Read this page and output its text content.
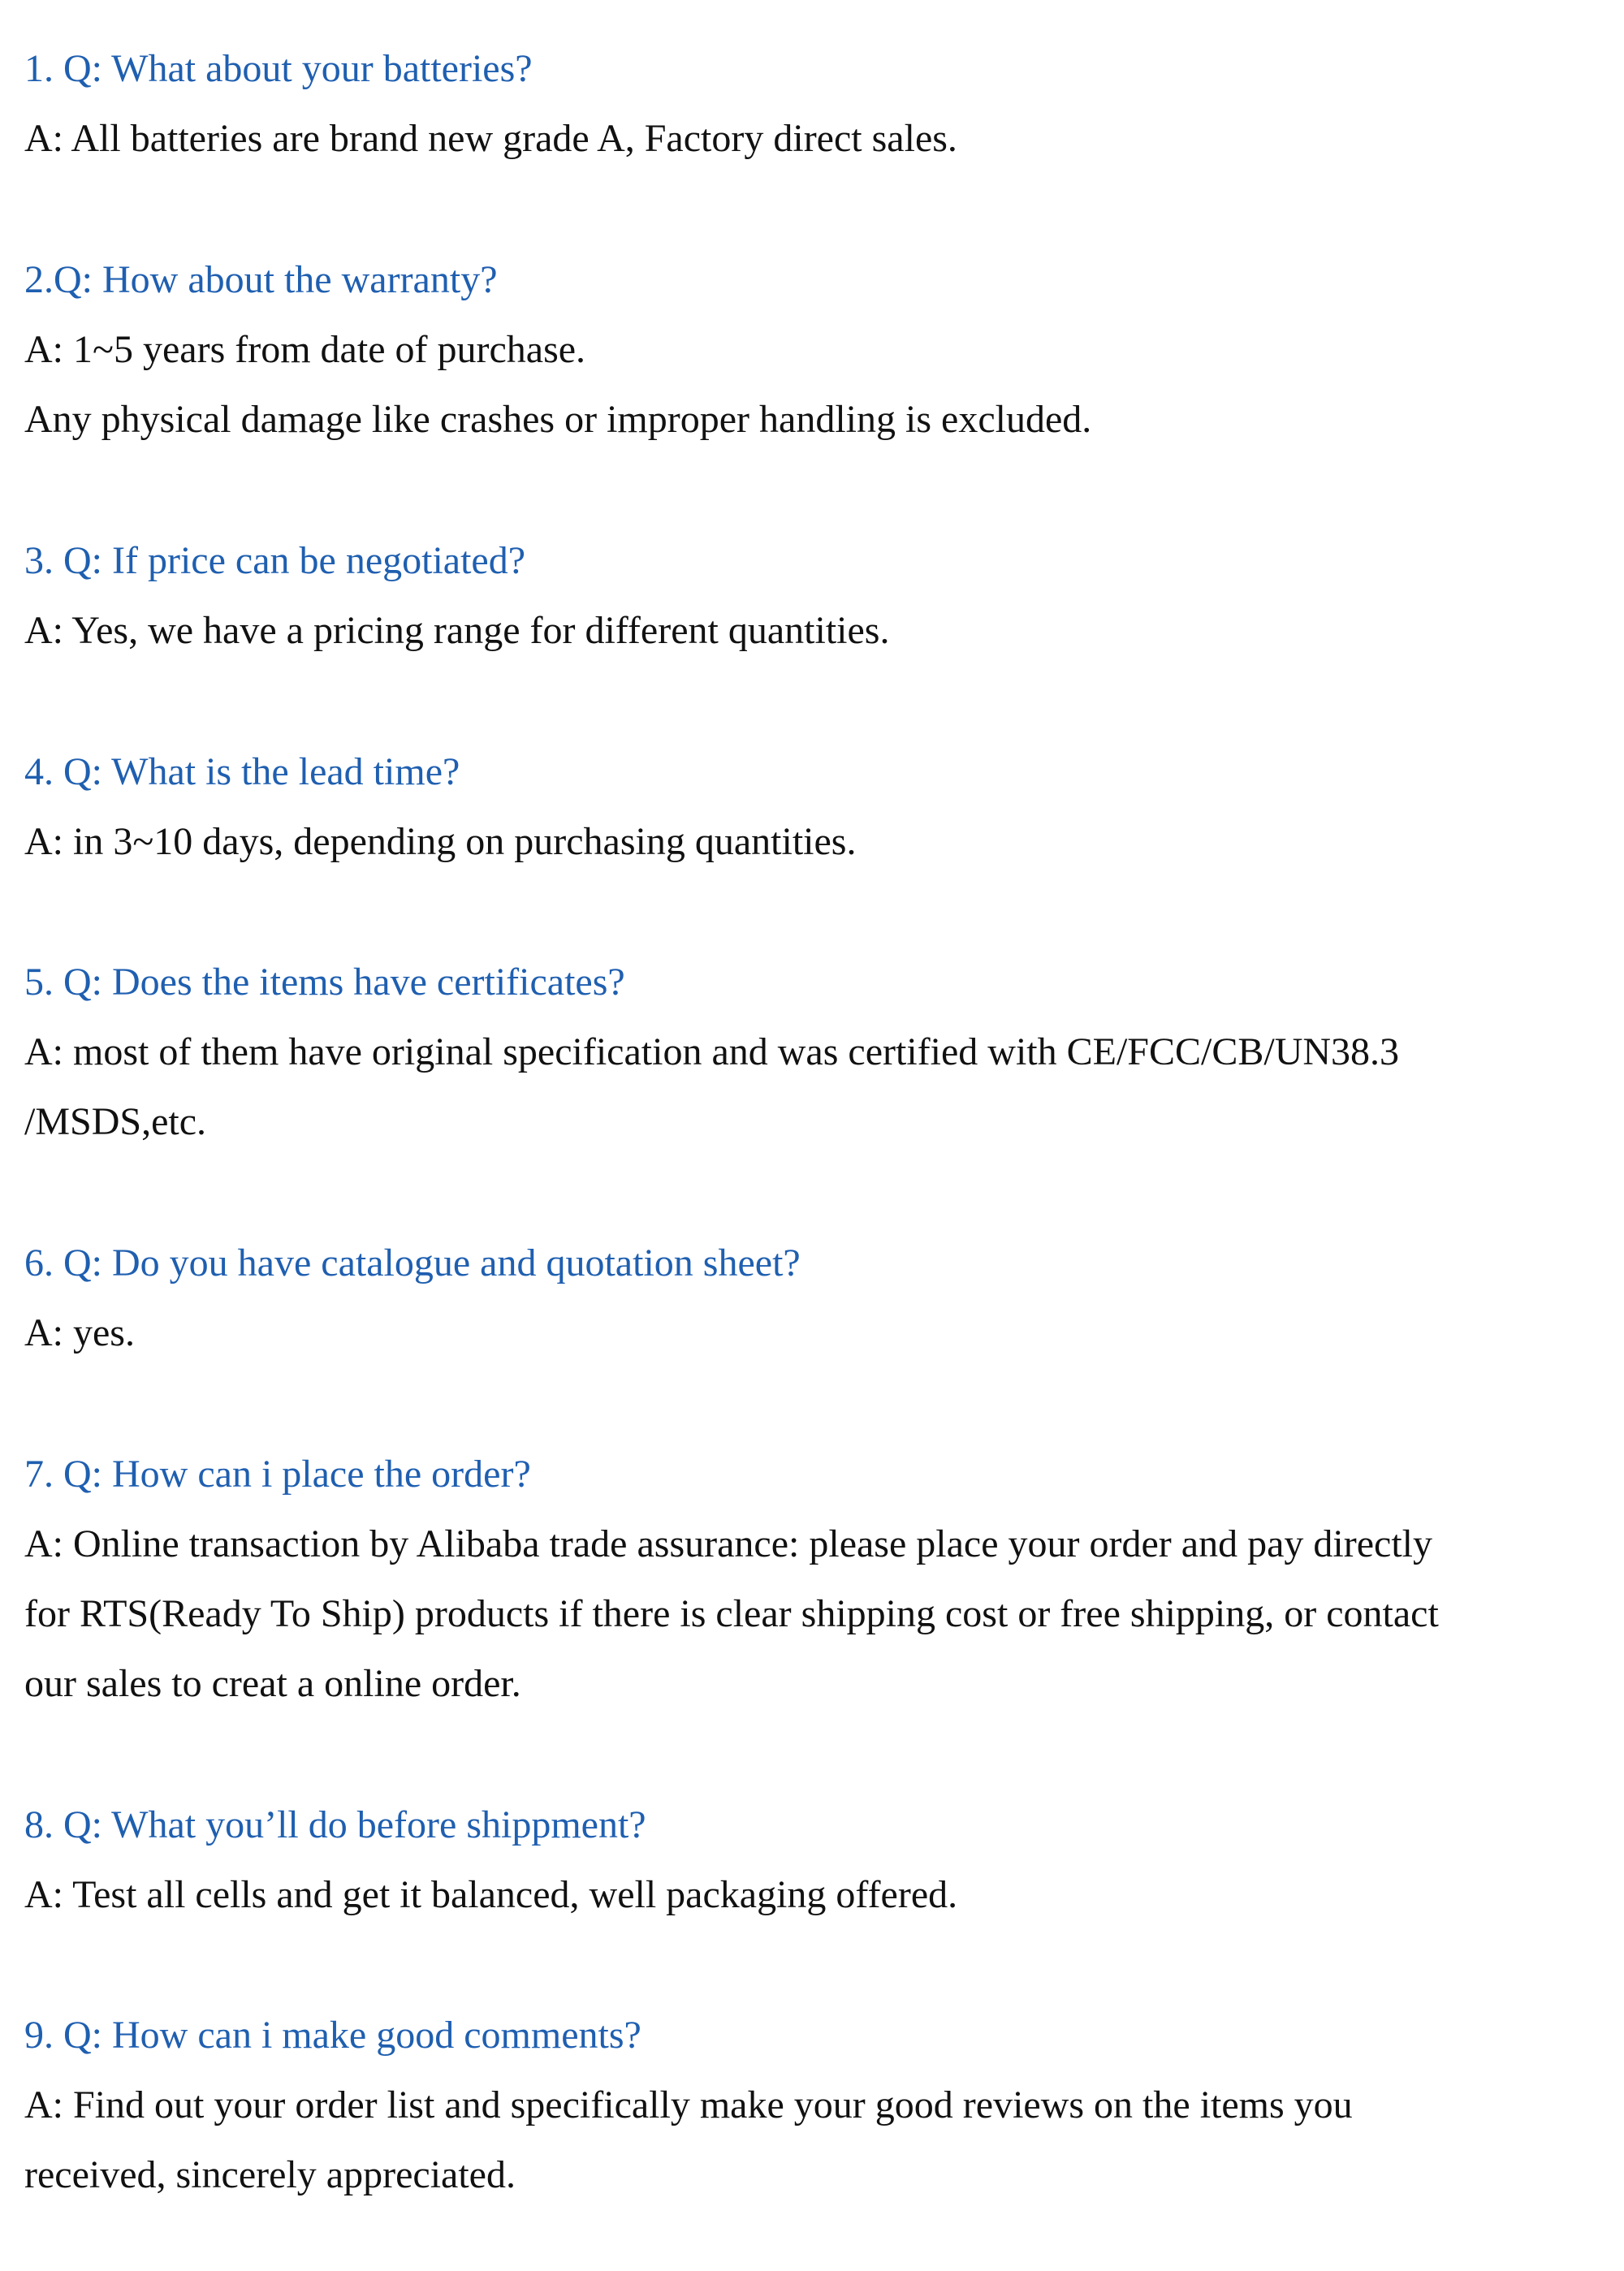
1. Q: What about your batteries?
A: All batteries are brand new grade A, Factory direct sales.
2.Q: How about the warranty?
A: 1~5 years from date of purchase.
Any physical damage like crashes or improper handling is excluded.
3. Q: If price can be negotiated?
A: Yes, we have a pricing range for different quantities.
4. Q: What is the lead time?
A: in 3~10 days, depending on purchasing quantities.
5. Q: Does the items have certificates?
A: most of them have original specification and was certified with CE/FCC/CB/UN38.3
/MSDS,etc.
6. Q: Do you have catalogue and quotation sheet?
A: yes.
7. Q: How can i place the order?
A: Online transaction by Alibaba trade assurance: please place your order and pay directly
for RTS(Ready To Ship) products if there is clear shipping cost or free shipping, or contact
our sales to creat a online order.
8. Q: What you’ll do before shippment?
A: Test all cells and get it balanced, well packaging offered.
9. Q: How can i make good comments?
A: Find out your order list and specifically make your good reviews on the items you
received, sincerely appreciated.
